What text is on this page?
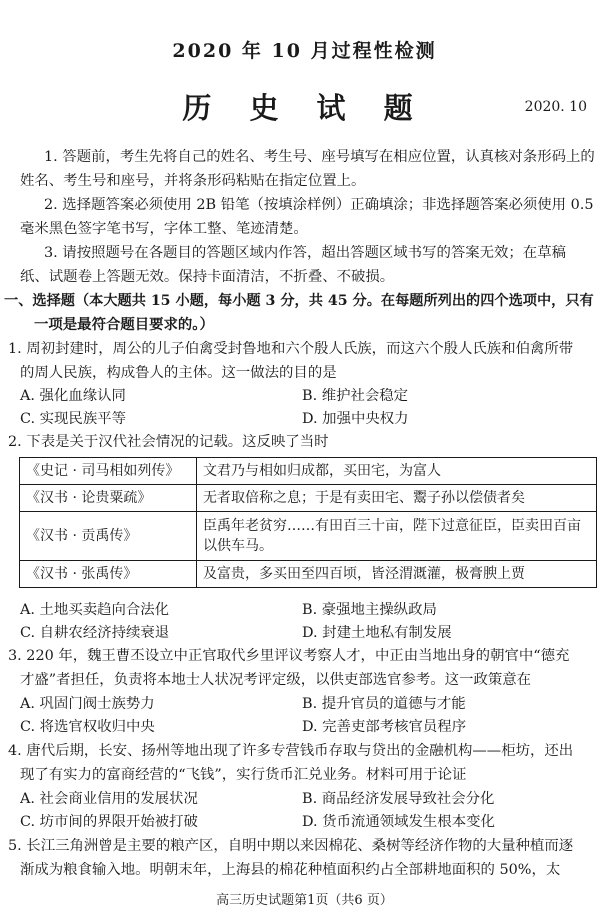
2020 年 10 月过程性检测
历 史 试 题	2020. 10
1. 答题前，考生先将自己的姓名、考生号、座号填写在相应位置，认真核对条形码上的
姓名、考生号和座号，并将条形码粘贴在指定位置上。
2. 选择题答案必须使用 2B 铅笔（按填涂样例）正确填涂；非选择题答案必须使用 0.5
毫米黑色签字笔书写，字体工整、笔迹清楚。
3. 请按照题号在各题目的答题区域内作答，超出答题区域书写的答案无效；在草稿
纸、试题卷上答题无效。保持卡面清洁，不折叠、不破损。
一、选择题（本大题共 15 小题，每小题 3 分，共 45 分。在每题所列出的四个选项中，只有
一项是最符合题目要求的。）
1. 周初封建时，周公的儿子伯禽受封鲁地和六个殷人氏族，而这六个殷人氏族和伯禽所带
的周人民族，构成鲁人的主体。这一做法的目的是
A. 强化血缘认同	B. 维护社会稳定
C. 实现民族平等	D. 加强中央权力
2. 下表是关于汉代社会情况的记载。这反映了当时
《史记 · 司马相如列传》	文君乃与相如归成都，买田宅，为富人
《汉书 · 论贵粟疏》	无者取倍称之息；于是有卖田宅、鬻子孙以偿债者矣
《汉书 · 贡禹传》	臣禹年老贫穷……有田百三十亩，陛下过意征臣，臣卖田百亩以供车马。
《汉书 · 张禹传》	及富贵，多买田至四百顷，皆泾渭溉灌，极膏腴上贾
A. 土地买卖趋向合法化	B. 豪强地主操纵政局
C. 自耕农经济持续衰退	D. 封建土地私有制发展
3. 220 年，魏王曹丕设立中正官取代乡里评议考察人才，中正由当地出身的朝官中“德充
才盛”者担任，负责将本地士人状况考评定级，以供吏部选官参考。这一政策意在
A. 巩固门阀士族势力	B. 提升官员的道德与才能
C. 将选官权收归中央	D. 完善吏部考核官员程序
4. 唐代后期，长安、扬州等地出现了许多专营钱币存取与贷出的金融机构——柜坊，还出
现了有实力的富商经营的“飞钱”，实行货币汇兑业务。材料可用于论证
A. 社会商业信用的发展状况	B. 商品经济发展导致社会分化
C. 坊市间的界限开始被打破	D. 货币流通领域发生根本变化
5. 长江三角洲曾是主要的粮产区，自明中期以来因棉花、桑树等经济作物的大量种植而逐
渐成为粮食输入地。明朝末年，上海县的棉花种植面积约占全部耕地面积的 50%，太
高三历史试题第1页（共6 页）
